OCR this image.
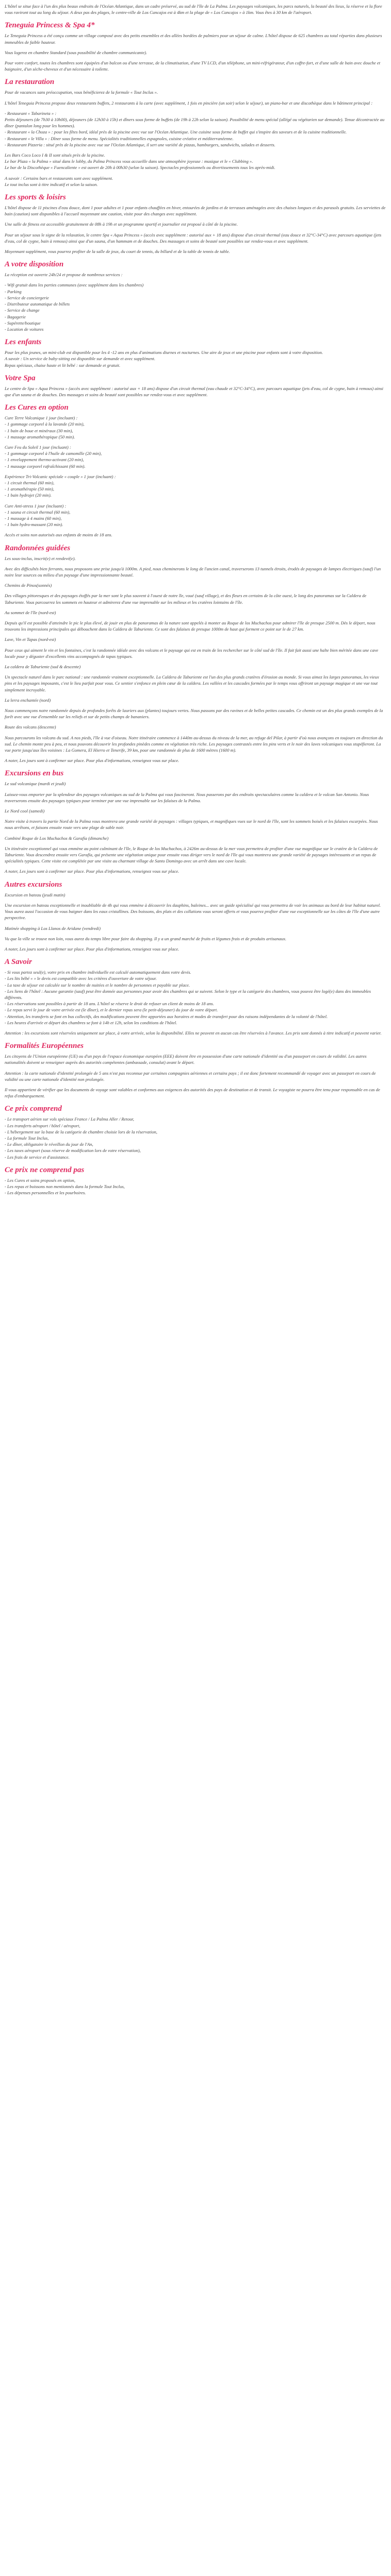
L'hôtel se situe face à l'un des plus beaux endroits de l'Océan Atlantique, dans un cadre préservé, au sud de l'île de La Palma. Les paysages volcaniques, les parcs naturels, la beauté des lieux, la réserve et la flore vous raviront tout au long du séjour. A deux pas des plages, le centre-ville de Los Cancajos est à 4km et la plage de « Los Cancajos » à 1km. Vous êtes à 30 km de l'aéroport.

Teneguia Princess & Spa 4*

Le Teneguia Princess a été conçu comme un village composé avec des petits ensembles et des allées bordées de palmiers pour un séjour de calme. L'hôtel dispose de 625 chambres au total réparties dans plusieurs immeubles de faible hauteur.

Vous logerez en chambre Standard (sous possibilité de chambre communicante).

Pour votre confort, toutes les chambres sont équipées d'un balcon ou d'une terrasse, de la climatisation, d'une TV LCD, d'un téléphone, un mini-réfrigérateur, d'un coffre-fort, et d'une salle de bain avec douche et baignoire, d'un sèche-cheveux et d'un nécessaire à toilette.

La restauration

Pour de vacances sans préoccupation, vous bénéficierez de la formule « Tout Inclus ».

L'hôtel Teneguia Princess propose deux restaurants buffets, 2 restaurants à la carte (avec supplément, 1 fois en pincière (un soir) selon le séjour), un piano-bar et une discothèque dans le bâtiment principal :

- Restaurant « Tabarineta » :
Petits déjeuners (de 7h30 à 10h00), déjeuners (de 12h30 à 15h) et dîners sous forme de buffets (de 19h à 22h selon la saison). Possibilité de menu spécial (allégé ou végétarien sur demande). Tenue décontractée au dîner (pantalon long pour les hommes).
- Restaurant « la Choza » : pour les fêtes bord, idéal près de la piscine avec vue sur l'Océan Atlantique. Une cuisine sous forme de buffet qui s'inspire des saveurs et de la cuisine traditionnelle.
- Restaurant « le Villa » : Dîner sous forme de menu. Spécialités traditionnelles espagnoles, cuisine créative et méditerranéenne.
- Restaurant Pizzeria : situé près de la piscine avec vue sur l'Océan Atlantique, il sert une variété de pizzas, hamburgers, sandwichs, salades et desserts.

Les Bars Coco Loco I & II sont situés près de la piscine.
Le bar Plaza « la Palma » situé dans le lobby, du Palma Princess vous accueille dans une atmosphère joyeuse : musique et le « Clubbing ».
Le bar de la Discothèque « Fuencaliente » est ouvert de 20h à 00h30 (selon la saison). Spectacles professionnels ou divertissements tous les après-midi.

A savoir : Certains bars et restaurants sont avec supplément.
Le tout inclus sont à titre indicatif et selon la saison.

Les sports & loisirs

L'hôtel dispose de 11 piscines d'eau douce, dont 1 pour adultes et 1 pour enfants chauffées en hiver, entourées de jardins et de terrasses aménagées avec des chaises longues et des parasols gratuits. Les serviettes de bain (caution) sont disponibles à l'accueil moyennant une caution, visite pour des changes avec supplément.

Une salle de fitness est accessible gratuitement de 08h à 19h et un programme sportif et journalier est proposé à côté de la piscine.

Pour un séjour sous le signe de la relaxation, le centre Spa « Aqua Princess » (accès avec supplément : autorisé aux + 18 ans) dispose d'un circuit thermal (eau douce et 32°C-34°C) avec parcours aquatique (jets d'eau, col de cygne, bain à remous) ainsi que d'un sauna, d'un hammam et de douches. Des massages et soins de beauté sont possibles sur rendez-vous et avec supplément.

Moyennant supplément, vous pourrez profiter de la salle de jeux, du court de tennis, du billard et de la table de tennis de table.

A votre disposition

La réception est ouverte 24h/24 et propose de nombreux services :

- Wifi gratuit dans les parties communes (avec supplément dans les chambres)
- Parking
- Service de conciergerie
- Distributeur automatique de billets
- Service de change
- Bagagerie
- Supérette/boutique
- Location de voitures
Les enfants

Pour les plus jeunes, un mini-club est disponible pour les 4 -12 ans en plus d'animations diurnes et nocturnes. Une aire de jeux et une piscine pour enfants sont à votre disposition.
A savoir : Un service de baby-sitting est disponible sur demande et avec supplément.
Repas spéciaux, chaise haute et lit bébé : sur demande et gratuit.

Votre Spa

Le centre de Spa « Aqua Princess » (accès avec supplément : autorisé aux + 18 ans) dispose d'un circuit thermal (eau chaude et 32°C-34°C), avec parcours aquatique (jets d'eau, col de cygne, bain à remous) ainsi que d'un sauna et de douches. Des massages et soins de beauté sont possibles sur rendez-vous et avec supplément.

Les Cures en option

Cure Terre Volcanique 1 jour (incluant) :
- 1 gommage corporel à la lavande (20 min),
- 1 bain de boue et minéraux (30 min),
- 1 massage aromathérapique (50 min).

Cure Feu du Soleil 1 jour (incluant) :
- 1 gommage corporel à l'huile de camomille (20 min),
- 1 enveloppement thermo-activant (20 min),
- 1 massage corporel rafraîchissant (60 min).

Expérience Tri-Volcanic spéciale « couple » 1 jour (incluant) :
- 1 circuit thermal (60 min),
- 1 aromathérapie (50 min),
- 1 bain hydrojet (20 min).

Cure Anti-stress 1 jour (incluant) :
- 1 sauna et circuit thermal (60 min),
- 1 massage à 4 mains (60 min),
- 1 bain hydro-massant (20 min).

Accès et soins non autorisés aux enfants de moins de 18 ans.

Randonnées guidées

Les sous-inclus, inscrit(e) et rendevé(e).

Avec des difficultés bien ferrants, nous proposons une prise jusqu'à 1000m. A pied, nous cheminerons le long de l'ancien canal, traverserons 13 tunnels étroits, érodés de paysages de lampes électriques (sauf) l'un noire leur sources ou milieu d'un paysage d'une impressionnante beauté.

Chemins de Pinos(sonnés)

Des villages pittoresques et des paysages étoffés par la mer sont le plus souvent à l'ouest de notre île, voué (sauf village), et des fleurs en certains de la côte ouest, le long des panoramas sur la Caldera de Taburiente. Vous parcourrez les sommets en hauteur et admirerez d'une vue imprenable sur les milieux et les cratères lointains de l'île.

Au sommet de l'île (nord-est)

Depuis qu'il est possible d'atteindre le pic le plus élevé, de jouir en plus de panoramas de la nature sont appelés à monter au Roque de los Muchachos pour admirer l'île de presque 2500 m. Dès le départ, nous trouvons les impressions principales qui débouchent dans la Caldera de Taburiente. Ce sont des falaises de presque 1000m de haut qui forment ce point sur le de 27 km.

Lave, Vin et Tapas (nord-est)

Pour ceux qui aiment le vin et les fontaines, c'est la randonnée idéale avec des volcans et le paysage qui est en train de les rechercher sur le côté sud de l'île. Il fait fait aussi une halte bien méritée dans une cave locale pour y déguster d'excellents vins accompagnés de tapas typiques.

La caldera de Taburiente (sud & descente)

Un spectacle naturel dans le parc national : une randonnée vraiment exceptionnelle. La Caldera de Taburiente est l'un des plus grands cratères d'érosion au monde. Si vous aimez les larges panoramas, les vieux pins et les paysages imposants, c'est le lieu parfait pour vous. Ce sentier s'enfonce en plein cœur de la caldera. Les vallées et les cascades formées par le temps vous offriront un paysage magique et une vue tout simplement incroyable.

La lerra enchantée (nord)

Nous commençons notre randonnée depuis de profondes forêts de lauriers aux (plantes) toujours vertes. Nous passons par des ravines et de belles petites cascades. Ce chemin est un des plus grands exemples de la forêt avec une vue d'ensemble sur les reliefs et sur de petits champs de bananiers.

Route des volcans (descente)

Nous parcourons les volcans du sud. A nos pieds, l'île à vue d'oiseau. Notre itinéraire commence à 1440m au-dessus du niveau de la mer, au refuge del Pilar, à partir d'où nous avançons en toujours en direction du sud. Le chemin monte peu à peu, et nous pouvons découvrir les profondes pinèdes comme en végétation très riche. Les paysages contrastés entre les pins verts et le noir des laves volcaniques vous stupéfieront. La vue porte jusqu'aux îles voisines : La Gomera, El Hierro et Tenerife, 39 km, pour une randonnée de plus de 1600 mètres (1600 m).

A noter, Les jours sont à confirmer sur place. Pour plus d'informations, renseignez vous sur place.

Excursions en bus

Le sud volcanique (mardi et jeudi)

Laissez-vous emporter par la splendeur des paysages volcaniques au sud de la Palma qui vous fascineront. Nous passerons par des endroits spectaculaires comme la caldera et le volcan San Antonio. Nous traverserons ensuite des paysages typiques pour terminer par une vue imprenable sur les falaises de la Palma.

Le Nord cool (samedi)

Notre visite à travers la partie Nord de la Palma vous montrera une grande variété de paysages : villages typiques, et magnifiques vues sur le nord de l'île, sont les sommets boisés et les falaises escarpées. Nous nous arrêtons, et faisons ensuite route vers une plage de sable noir.

Combiné Roque de Los Muchachos & Garafía (dimanche)

Un itinéraire exceptionnel qui vous emmène au point culminant de l'île, le Roque de los Muchachos, à 2426m au-dessus de la mer vous permettra de profiter d'une vue magnifique sur le cratère de la Caldera de Taburiente. Vous descendrez ensuite vers Garafía, qui présente une végétation unique pour ensuite vous diriger vers le nord de l'île qui vous montrera une grande variété de paysages intéressants et un repas de spécialités typiques. Cette visite est complétée par une visite au charmant village de Santo Domingo avec un arrêt dans une cave locale.

A noter, Les jours sont à confirmer sur place. Pour plus d'informations, renseignez vous sur place.

Autres excursions

Excursion en bateau (jeudi matin)

Une excursion en bateau exceptionnelle et inoubliable de 4h qui vous emmène à découvrir les dauphins, baleines... avec un guide spécialisé qui vous permettra de voir les animaux au bord de leur habitat naturel. Vous aurez aussi l'occasion de vous baigner dans les eaux cristallines. Des boissons, des plats et des collations vous seront offerts et vous pourrez profiter d'une vue exceptionnelle sur les côtes de l'île d'une autre perspective.

Matinée shopping à Los Llanos de Aridane (vendredi)

Vu que la ville se trouve non loin, vous aurez du temps libre pour faire du shopping. Il y a un grand marché de fruits et légumes frais et de produits artisanaux.

A noter, Les jours sont à confirmer sur place. Pour plus d'informations, renseignez vous sur place.

A Savoir

- Si vous partez seul(e), votre prix en chambre individuelle est calculé automatiquement dans votre devis.
- Les lits bébé « » le devis est compatible avec les critères d'ouverture de votre séjour.
- La taxe de séjour est calculée sur le nombre de nuitées et le nombre de personnes et payable sur place.
- Les liens de l'hôtel : Aucune garantie (sauf) peut être donnée aux personnes pour avoir des chambres qui se suivent. Selon le type et la catégorie des chambres, vous pouvez être logé(e) dans des immeubles différents.
- Les réservations sont possibles à partir de 18 ans. L'hôtel se réserve le droit de refuser un client de moins de 18 ans.
- Le repas servi le jour de votre arrivée est (le dîner), et le dernier repas sera (le petit-déjeuner) du jour de votre départ.
- Attention, les transferts se font en bus collectifs, des modifications peuvent être apportées aux horaires et modes de transfert pour des raisons indépendantes de la volonté de l'hôtel.
- Les heures d'arrivée et départ des chambres se font à 14h et 12h, selon les conditions de l'hôtel.

Attention : les excursions sont réservées uniquement sur place, à votre arrivée, selon la disponibilité. Elles ne peuvent en aucun cas être réservées à l'avance. Les prix sont donnés à titre indicatif et peuvent varier.

Formalités Européennes

Les citoyens de l'Union européenne (UE) ou d'un pays de l'espace économique européen (EEE) doivent être en possession d'une carte nationale d'identité ou d'un passeport en cours de validité. Les autres nationalités doivent se renseigner auprès des autorités compétentes (ambassade, consulat) avant le départ.

Attention : la carte nationale d'identité prolongée de 5 ans n'est pas reconnue par certaines compagnies aériennes et certains pays ; il est donc fortement recommandé de voyager avec un passeport en cours de validité ou une carte nationale d'identité non prolongée.

Il vous appartient de vérifier que les documents de voyage sont valables et conformes aux exigences des autorités des pays de destination et de transit. Le voyagiste ne pourra être tenu pour responsable en cas de refus d'embarquement.

Ce prix comprend
- Le transport aérien sur vols spéciaux France / La Palma Aller / Retour,
- Les transferts aéroport / hôtel / aéroport,
- L'hébergement sur la base de la catégorie de chambre choisie lors de la réservation,
- La formule Tout Inclus,
- Le dîner, obligatoire le réveillon du jour de l'An,
- Les taxes aéroport (sous réserve de modification lors de votre réservation),
- Les frais de service et d'assistance.
Ce prix ne comprend pas
- Les Cures et soins proposés en option,
- Les repas et boissons non mentionnés dans la formule Tout Inclus,
- Les dépenses personnelles et les pourboires.
